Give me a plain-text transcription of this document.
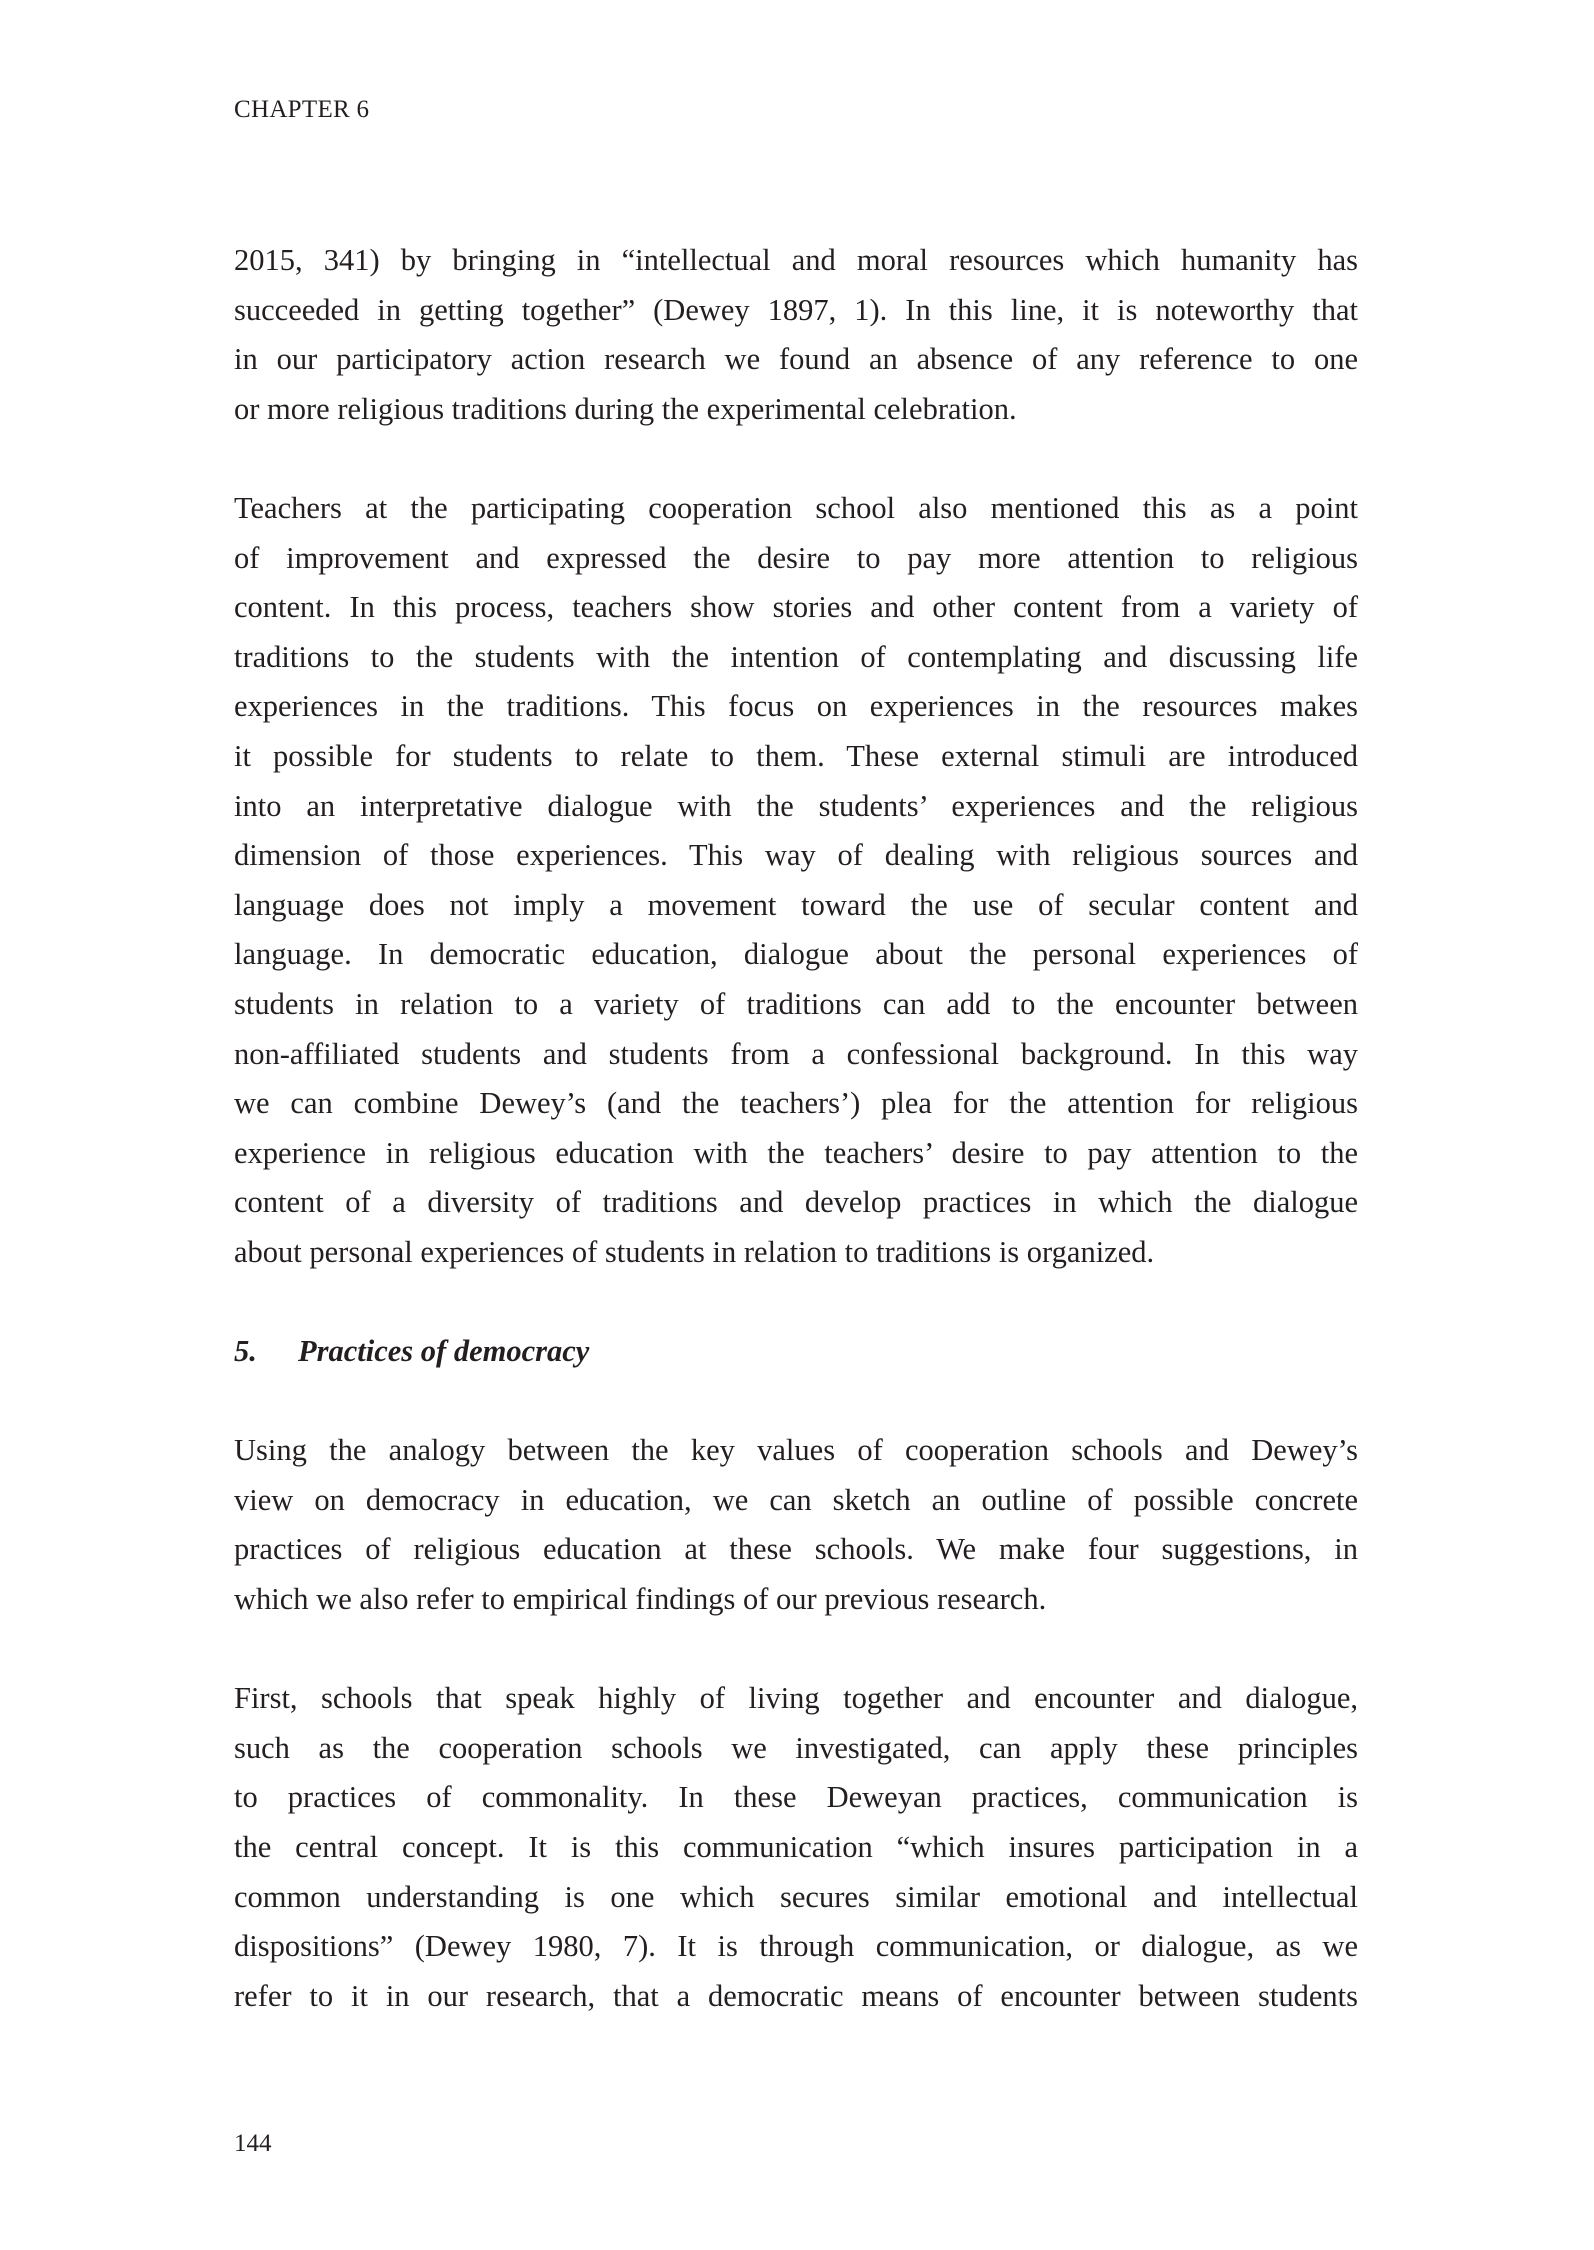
CHAPTER 6

2015, 341) by bringing in “intellectual and moral resources which humanity has
succeeded in getting together” (Dewey 1897, 1). In this line, it is noteworthy that
in our participatory action research we found an absence of any reference to one
or more religious traditions during the experimental celebration.

Teachers at the participating cooperation school also mentioned this as a point
of improvement and expressed the desire to pay more attention to religious
content. In this process, teachers show stories and other content from a variety of
traditions to the students with the intention of contemplating and discussing life
experiences in the traditions. This focus on experiences in the resources makes
it possible for students to relate to them. These external stimuli are introduced
into an interpretative dialogue with the students’ experiences and the religious
dimension of those experiences. This way of dealing with religious sources and
language does not imply a movement toward the use of secular content and
language. In democratic education, dialogue about the personal experiences of
students in relation to a variety of traditions can add to the encounter between
non-affiliated students and students from a confessional background. In this way
we can combine Dewey’s (and the teachers’) plea for the attention for religious
experience in religious education with the teachers’ desire to pay attention to the
content of a diversity of traditions and develop practices in which the dialogue
about personal experiences of students in relation to traditions is organized.

5.	Practices of democracy

Using the analogy between the key values of cooperation schools and Dewey’s
view on democracy in education, we can sketch an outline of possible concrete
practices of religious education at these schools. We make four suggestions, in
which we also refer to empirical findings of our previous research.

First, schools that speak highly of living together and encounter and dialogue,
such as the cooperation schools we investigated, can apply these principles
to practices of commonality. In these Deweyan practices, communication is
the central concept. It is this communication “which insures participation in a
common understanding is one which secures similar emotional and intellectual
dispositions” (Dewey 1980, 7). It is through communication, or dialogue, as we
refer to it in our research, that a democratic means of encounter between students

144
